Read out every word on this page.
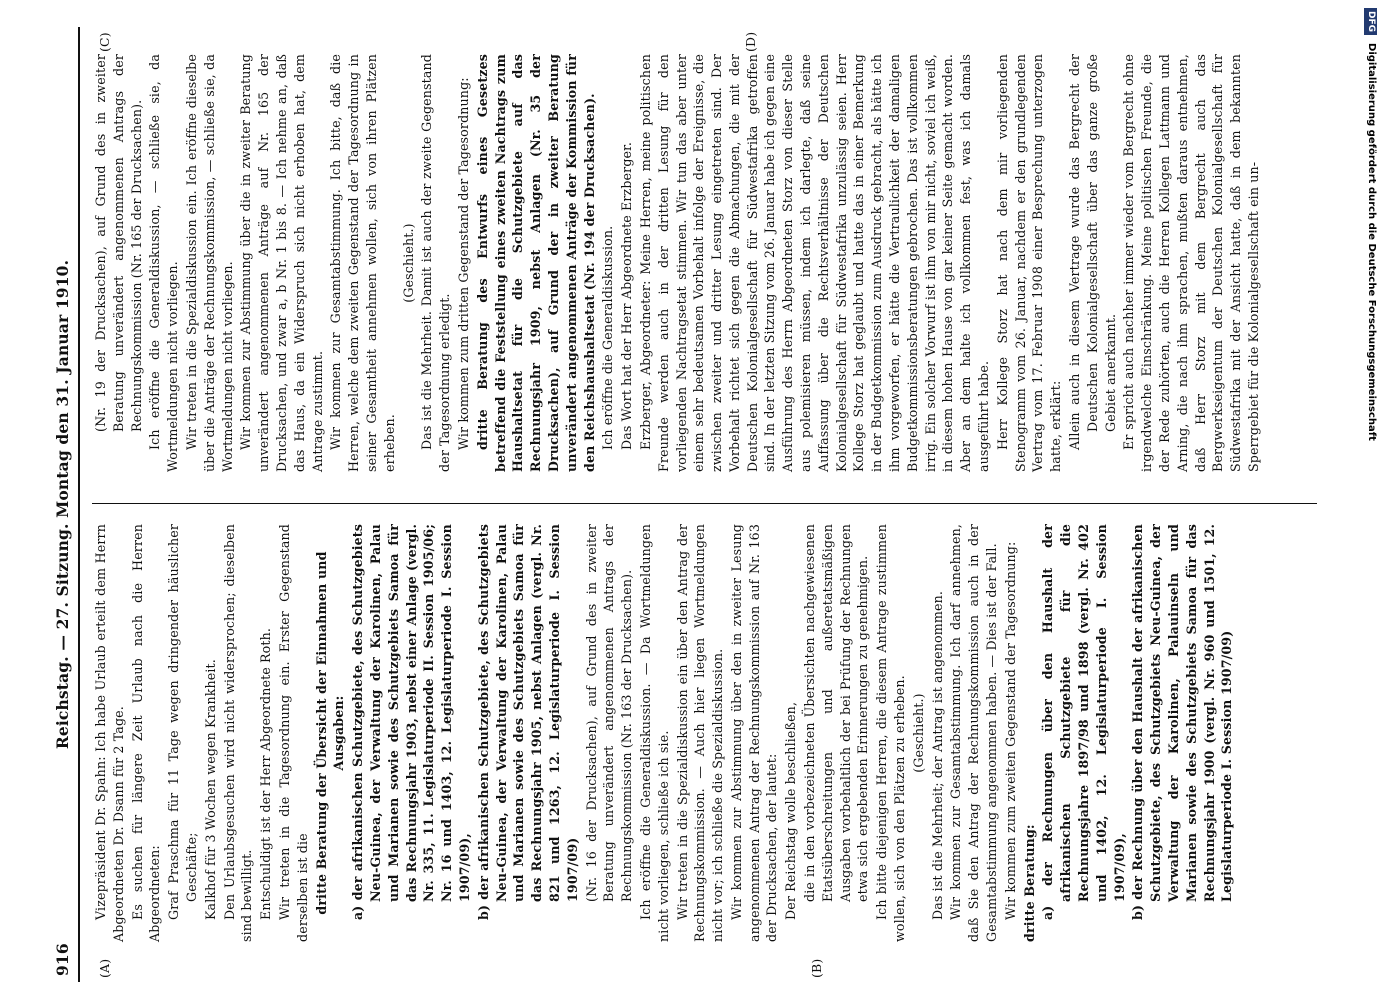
916
Reichstag. — 27. Sitzung. Montag den 31. Januar 1910.
(A)	(B)
(C)	(D)

Vizepräsident Dr. Spahn: Ich habe Urlaub erteilt dem Herrn Abgeordneten Dr. Dsann für 2 Tage. Es suchen für längere Zeit Urlaub nach die Herren Abgeordneten: Graf Praschma für 11 Tage wegen dringender häuslicher Geschäfte; Kalkhof für 3 Wochen wegen Krankheit. Den Urlaubsgesuchen wird nicht widersprochen; dieselben sind bewilligt. Entschuldigt ist der Herr Abgeordnete Roth. Wir treten in die Tagesordnung ein. Erster Gegenstand derselben ist die dritte Beratung der Übersicht der Einnahmen und Ausgaben: a) der afrikanischen Schutzgebiete, des Schutzgebiets Neu-Guinea, der Verwaltung der Karolinen, Palau und Marianen sowie des Schutzgebiets Samoa für das Rechnungsjahr 1903, nebst einer Anlage (vergl. Nr. 335, 11. Legislaturperiode II. Session 1905/06; Nr. 16 und 1403, 12. Legislaturperiode I. Session 1907/09), b) der afrikanischen Schutzgebiete, des Schutzgebiets Neu-Guinea, der Verwaltung der Karolinen, Palau und Marianen sowie des Schutzgebiets Samoa für das Rechnungsjahr 1905, nebst Anlagen (vergl. Nr. 821 und 1263, 12. Legislaturperiode I. Session 1907/09) (Nr. 16 der Drucksachen), auf Grund des in zweiter Beratung unverändert angenommenen Antrags der Rechnungskommission (Nr. 163 der Drucksachen). Ich eröffne die Generaldiskussion. — Da Wortmeldungen nicht vorliegen, schließe ich sie. Wir treten in die Spezialdiskussion ein über den Antrag der Rechnungskommission. — Auch hier liegen Wortmeldungen nicht vor; ich schließe die Spezialdiskussion. Wir kommen zur Abstimmung über den in zweiter Lesung angenommenen Antrag der Rechnungskommission auf Nr. 163 der Drucksachen, der lautet: Der Reichstag wolle beschließen, die in den vorbezeichneten Übersichten nachgewiesenen Etatsüberschreitungen und außeretatsmäßigen Ausgaben vorbehaltlich der bei Prüfung der Rechnungen etwa sich ergebenden Erinnerungen zu genehmigen. Ich bitte diejenigen Herren, die diesem Antrage zustimmen wollen, sich von den Plätzen zu erheben. (Geschieht.) Das ist die Mehrheit; der Antrag ist angenommen. Wir kommen zur Gesamtabstimmung. Ich darf annehmen, daß Sie den Antrag der Rechnungskommission auch in der Gesamtabstimmung angenommen haben. — Dies ist der Fall. Wir kommen zum zweiten Gegenstand der Tagesordnung: dritte Beratung: a) der Rechnungen über den Haushalt der afrikanischen Schutzgebiete für die Rechnungsjahre 1897/98 und 1898 (vergl. Nr. 402 und 1402, 12. Legislaturperiode I. Session 1907/09), b) der Rechnung über den Haushalt der afrikanischen Schutzgebiete, des Schutzgebiets Neu-Guinea, der Verwaltung der Karolinen, Palauinseln und Marianen sowie des Schutzgebiets Samoa für das Rechnungsjahr 1900 (vergl. Nr. 960 und 1501, 12. Legislaturperiode I. Session 1907/09)

(Nr. 19 der Drucksachen), auf Grund des in zweiter Beratung unverändert angenommenen Antrags der Rechnungskommission (Nr. 165 der Drucksachen). Ich eröffne die Generaldiskussion, — schließe sie, da Wortmeldungen nicht vorliegen. Wir treten in die Spezialdiskussion ein. Ich eröffne dieselbe über die Anträge der Rechnungskommission, — schließe sie, da Wortmeldungen nicht vorliegen. Wir kommen zur Abstimmung über die in zweiter Beratung unverändert angenommenen Anträge auf Nr. 165 der Drucksachen, und zwar a, b Nr. 1 bis 8. — Ich nehme an, daß das Haus, da ein Widerspruch sich nicht erhoben hat, dem Antrage zustimmt. Wir kommen zur Gesamtabstimmung. Ich bitte, daß die Herren, welche dem zweiten Gegenstand der Tagesordnung in seiner Gesamtheit annehmen wollen, sich von ihren Plätzen erheben.

(Geschieht.) Das ist die Mehrheit. Damit ist auch der zweite Gegenstand der Tagesordnung erledigt. Wir kommen zum dritten Gegenstand der Tagesordnung: dritte Beratung des Entwurfs eines Gesetzes betreffend die Feststellung eines zweiten Nachtrags zum Haushaltsetat für die Schutzgebiete auf das Rechnungsjahr 1909, nebst Anlagen (Nr. 35 der Drucksachen), auf Grund der in zweiter Beratung unverändert angenommenen Anträge der Kommission für den Reichshaushaltsetat (Nr. 194 der Drucksachen). Ich eröffne die Generaldiskussion. Das Wort hat der Herr Abgeordnete Erzberger. Erzberger, Abgeordneter: Meine Herren, meine politischen Freunde werden auch in der dritten Lesung für den vorliegenden Nachtragsetat stimmen. Wir tun das aber unter einem sehr bedeutsamen Vorbehalt infolge der Ereignisse, die zwischen zweiter und dritter Lesung eingetreten sind. Der Vorbehalt richtet sich gegen die Abmachungen, die mit der Deutschen Kolonialgesellschaft für Südwestafrika getroffen sind. In der letzten Sitzung vom 26. Januar habe ich gegen eine Ausführung des Herrn Abgeordneten Storz von dieser Stelle aus polemisieren müssen, indem ich darlegte, daß seine Auffassung über die Rechtsverhältnisse der Deutschen Kolonialgesellschaft für Südwestafrika unzulässig seien. Herr Kollege Storz hat geglaubt und hatte das in einer Bemerkung in der Budgetkommission zum Ausdruck gebracht, als hätte ich ihm vorgeworfen, er hätte die Vertraulichkeit der damaligen Budgetkommissionsberatungen gebrochen. Das ist vollkommen irrig. Ein solcher Vorwurf ist ihm von mir nicht, soviel ich weiß, in diesem hohen Hause von gar keiner Seite gemacht worden. Aber an dem halte ich vollkommen fest, was ich damals ausgeführt habe. Herr Kollege Storz hat nach dem mir vorliegenden Stenogramm vom 26. Januar, nachdem er den grundlegenden Vertrag vom 17. Februar 1908 einer Besprechung unterzogen hatte, erklärt: Allein auch in diesem Vertrage wurde das Bergrecht der Deutschen Kolonialgesellschaft über das ganze große Gebiet anerkannt. Er spricht auch nachher immer wieder vom Bergrecht ohne irgendwelche Einschränkung. Meine politischen Freunde, die der Rede zuhörten, auch die Herren Kollegen Lattmann und Arning, die nach ihm sprachen, mußten daraus entnehmen, daß Herr Storz mit dem Bergrecht auch das Bergwerkseigentum der Deutschen Kolonialgesellschaft für Südwestafrika mit der Ansicht hatte, daß in dem bekannten Sperrgebiet für die Kolonialgesellschaft ein un-

DFG
Digitalisierung gefördert durch die Deutsche Forschungsgemeinschaft
